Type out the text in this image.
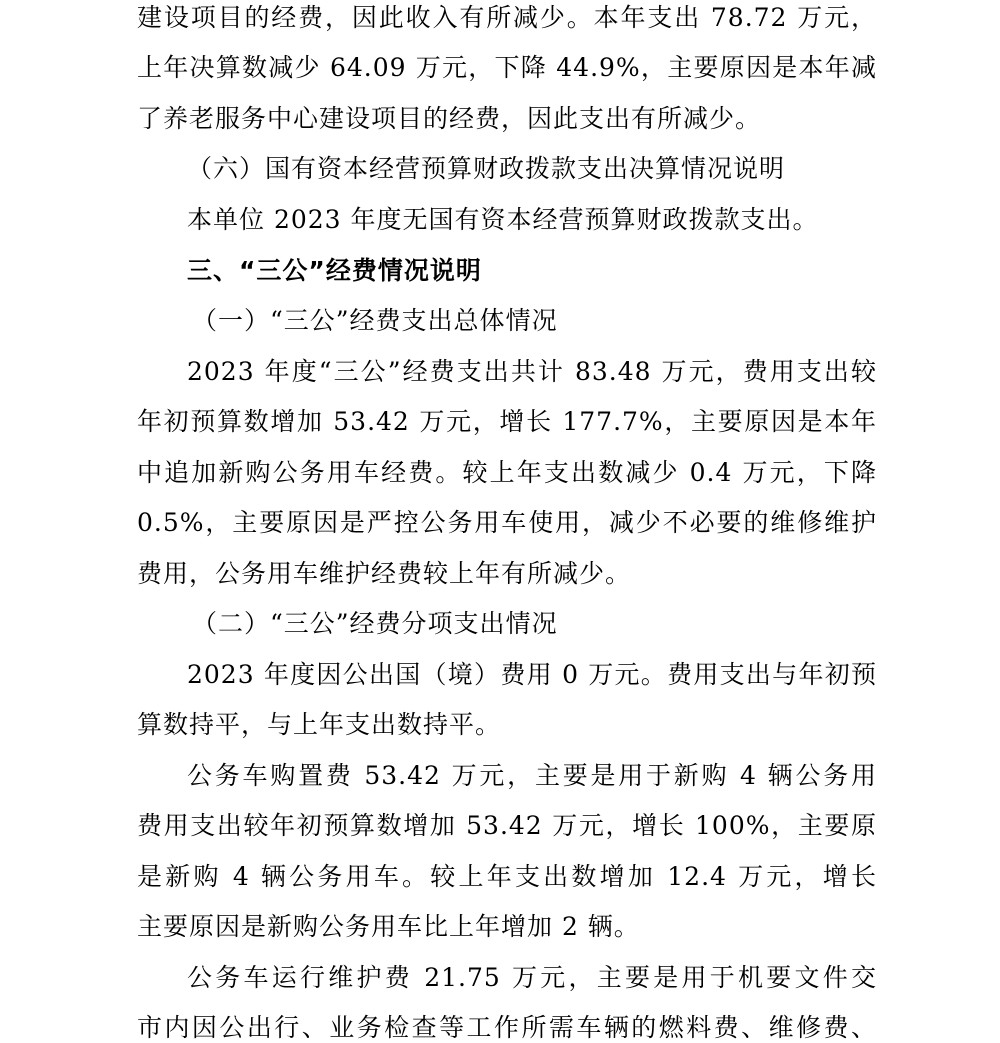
建设项目的经费，因此收入有所减少。本年支出 78.72 万元，
上年决算数减少 64.09 万元，下降 44.9%，主要原因是本年减
了养老服务中心建设项目的经费，因此支出有所减少。
（六）国有资本经营预算财政拨款支出决算情况说明
本单位 2023 年度无国有资本经营预算财政拨款支出。
三、“三公”经费情况说明
（一）“三公”经费支出总体情况
2023 年度“三公”经费支出共计 83.48 万元，费用支出较
年初预算数增加 53.42 万元，增长 177.7%，主要原因是本年
中追加新购公务用车经费。较上年支出数减少 0.4 万元，下降
0.5%，主要原因是严控公务用车使用，减少不必要的维修维护
费用，公务用车维护经费较上年有所减少。
（二）“三公”经费分项支出情况
2023 年度因公出国（境）费用 0 万元。费用支出与年初预
算数持平，与上年支出数持平。
公务车购置费 53.42 万元，主要是用于新购 4 辆公务用
费用支出较年初预算数增加 53.42 万元，增长 100%，主要原
是新购 4 辆公务用车。较上年支出数增加 12.4 万元，增长
主要原因是新购公务用车比上年增加 2 辆。
公务车运行维护费 21.75 万元，主要是用于机要文件交
市内因公出行、业务检查等工作所需车辆的燃料费、维修费、
